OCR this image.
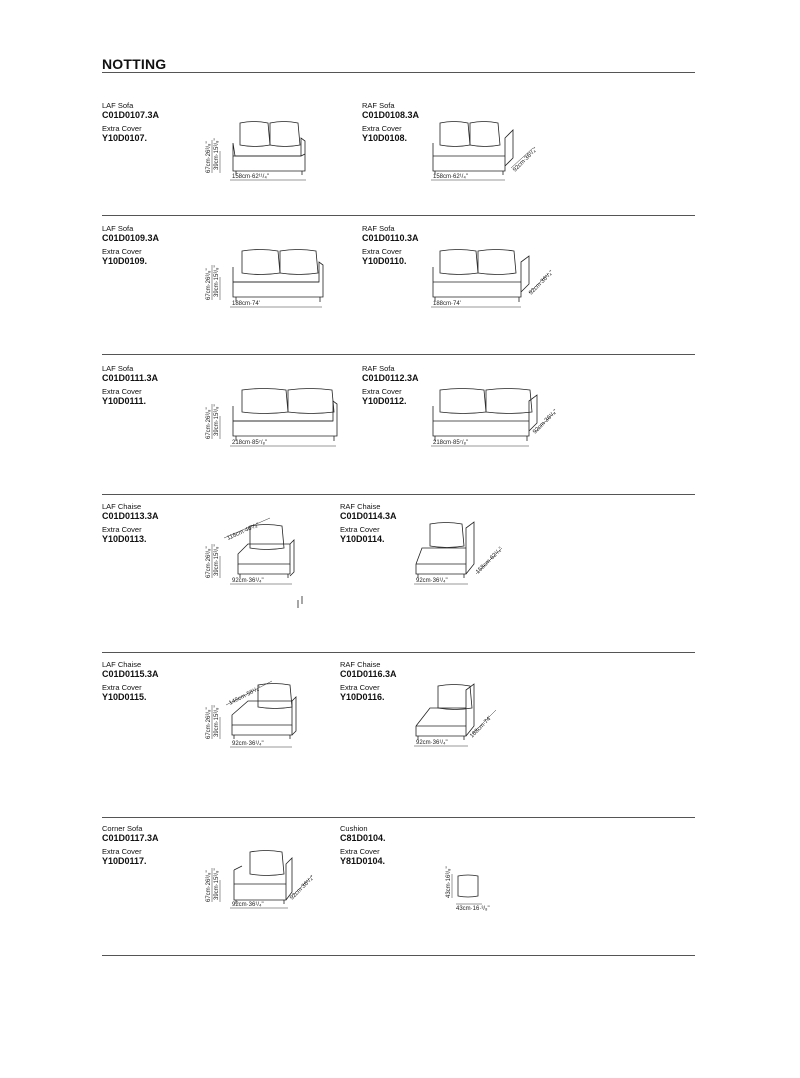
NOTTING
LAF Sofa
C01D0107.3A
Extra Cover
Y10D0107.
67cm·26³/₈" 39cm·15³/₈"
158cm·62¹¹/₄"
RAF Sofa
C01D0108.3A
Extra Cover
Y10D0108.
158cm·62¹/₄"
92cm·36¹/₄"
LAF Sofa
C01D0109.3A
Extra Cover
Y10D0109.
67cm·26³/₈" 39cm·15³/₈"
188cm·74'
RAF Sofa
C01D0110.3A
Extra Cover
Y10D0110.
188cm·74'
92cm·36¹/₄"
LAF Sofa
C01D0111.3A
Extra Cover
Y10D0111.
67cm·26³/₈" 39cm·15³/₈"
218cm·85⁷/₈"
RAF Sofa
C01D0112.3A
Extra Cover
Y10D0112.
218cm·85⁷/₈"
92cm·36¹/₄"
LAF Chaise
C01D0113.3A
Extra Cover
Y10D0113.	118cm·46¹/₄"
67cm·26³/₈" 39cm·15³/₈"
92cm·36¹/₄"
RAF Chaise
C01D0114.3A
Extra Cover
Y10D0114.
92cm·36¹/₄"
158cm·62¹/₄"
LAF Chaise
C01D0115.3A
Extra Cover
Y10D0115.	148cm·58¹/₄"
67cm·26³/₈" 39cm·15³/₈"
92cm·36¹/₄"
RAF Chaise
C01D0116.3A
Extra Cover
Y10D0116.
92cm·36¹/₄"
188cm·74'
Corner Sofa
C01D0117.3A
Extra Cover
Y10D0117.
67cm·26³/₈" 39cm·15³/₈"
92cm·36¹/₄"
92cm·36¹/₄"
Cushion
C81D0104.
Extra Cover
Y81D0104.
43cm·16³/₈"
43cm·16·³/₈"
